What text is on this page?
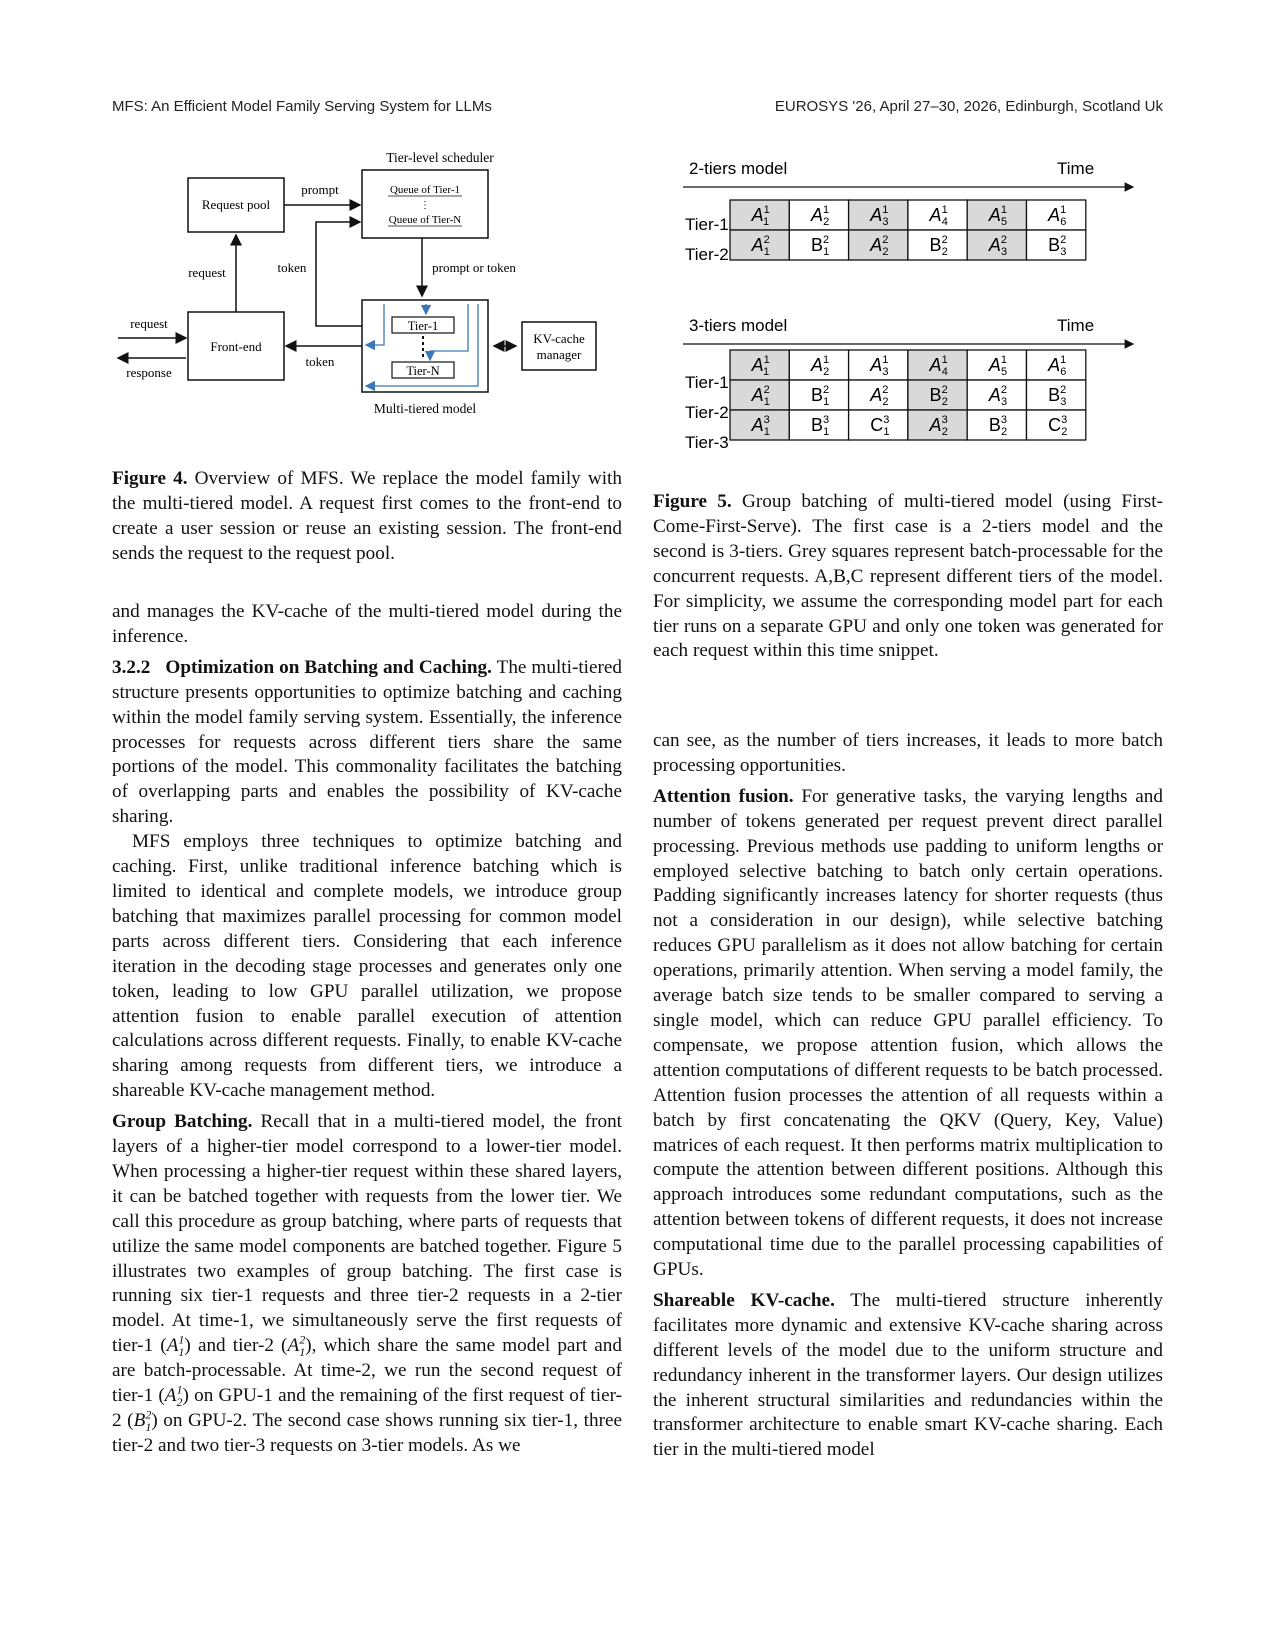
MFS: An Efficient Model Family Serving System for LLMs	EUROSYS '26, April 27–30, 2026, Edinburgh, Scotland Uk
Tier-level scheduler
Queue of Tier-1
⋮
Queue of Tier-N
Request pool
prompt
Front-end
request	token	prompt or token
request
response
token
Tier-1
Tier-N
KV-cache
manager
Multi-tiered model
Figure 4. Overview of MFS. We replace the model family with the multi-tiered model. A request first comes to the front-end to create a user session or reuse an existing session. The front-end sends the request to the request pool.
2-tiers model	Time
Tier-1
Tier-2
$A^1$ 1 $A^1$ 2 $A^1$ 3 $A^1$ 4 $A^1$ 5 $A^1$ 6
$A^2$ 1 $B^2$ 1 $A^2$ 2 $B^2$ 2 $A^2$ 3 $B^2$ 3
3-tiers model	Time
Tier-1
Tier-2
Tier-3
$A^1$ 1 $A^1$ 2 $A^1$ 3 $A^1$ 4 $A^1$ 5 $A^1$ 6
$A^2$ 1 $B^2$ 1 $A^2$ 2 $B^2$ 2 $A^2$ 3 $B^2$ 3
$A^3$ 1 $B^3$ 1 $C^3$ 1 $A^3$ 2 $B^3$ 2 $C^3$ 2
Figure 5. Group batching of multi-tiered model (using First-Come-First-Serve). The first case is a 2-tiers model and the second is 3-tiers. Grey squares represent batch-processable for the concurrent requests. A,B,C represent different tiers of the model. For simplicity, we assume the corresponding model part for each tier runs on a separate GPU and only one token was generated for each request within this time snippet.

and manages the KV-cache of the multi-tiered model during the inference.

3.2.2 Optimization on Batching and Caching. The multi-tiered structure presents opportunities to optimize batching and caching within the model family serving system. Essentially, the inference processes for requests across different tiers share the same portions of the model. This commonality facilitates the batching of overlapping parts and enables the possibility of KV-cache sharing.

MFS employs three techniques to optimize batching and caching. First, unlike traditional inference batching which is limited to identical and complete models, we introduce group batching that maximizes parallel processing for common model parts across different tiers. Considering that each inference iteration in the decoding stage processes and generates only one token, leading to low GPU parallel utilization, we propose attention fusion to enable parallel execution of attention calculations across different requests. Finally, to enable KV-cache sharing among requests from different tiers, we introduce a shareable KV-cache management method.

Group Batching. Recall that in a multi-tiered model, the front layers of a higher-tier model correspond to a lower-tier model. When processing a higher-tier request within these shared layers, it can be batched together with requests from the lower tier. We call this procedure as group batching, where parts of requests that utilize the same model components are batched together. Figure 5 illustrates two examples of group batching. The first case is running six tier-1 requests and three tier-2 requests in a 2-tier model. At time-1, we simultaneously serve the first requests of tier-1 $(A^1_1)$ and tier-2 $(A^2_1)$, which share the same model part and are batch-processable. At time-2, we run the second request of tier-1 $(A^1_2)$ on GPU-1 and the remaining of the first request of tier-2 $(B^2_1)$ on GPU-2. The second case shows running six tier-1, three tier-2 and two tier-3 requests on 3-tier models. As we

can see, as the number of tiers increases, it leads to more batch processing opportunities.

Attention fusion. For generative tasks, the varying lengths and number of tokens generated per request prevent direct parallel processing. Previous methods use padding to uniform lengths or employed selective batching to batch only certain operations. Padding significantly increases latency for shorter requests (thus not a consideration in our design), while selective batching reduces GPU parallelism as it does not allow batching for certain operations, primarily attention. When serving a model family, the average batch size tends to be smaller compared to serving a single model, which can reduce GPU parallel efficiency. To compensate, we propose attention fusion, which allows the attention computations of different requests to be batch processed. Attention fusion processes the attention of all requests within a batch by first concatenating the QKV (Query, Key, Value) matrices of each request. It then performs matrix multiplication to compute the attention between different positions. Although this approach introduces some redundant computations, such as the attention between tokens of different requests, it does not increase computational time due to the parallel processing capabilities of GPUs.

Shareable KV-cache. The multi-tiered structure inherently facilitates more dynamic and extensive KV-cache sharing across different levels of the model due to the uniform structure and redundancy inherent in the transformer layers. Our design utilizes the inherent structural similarities and redundancies within the transformer architecture to enable smart KV-cache sharing. Each tier in the multi-tiered model
